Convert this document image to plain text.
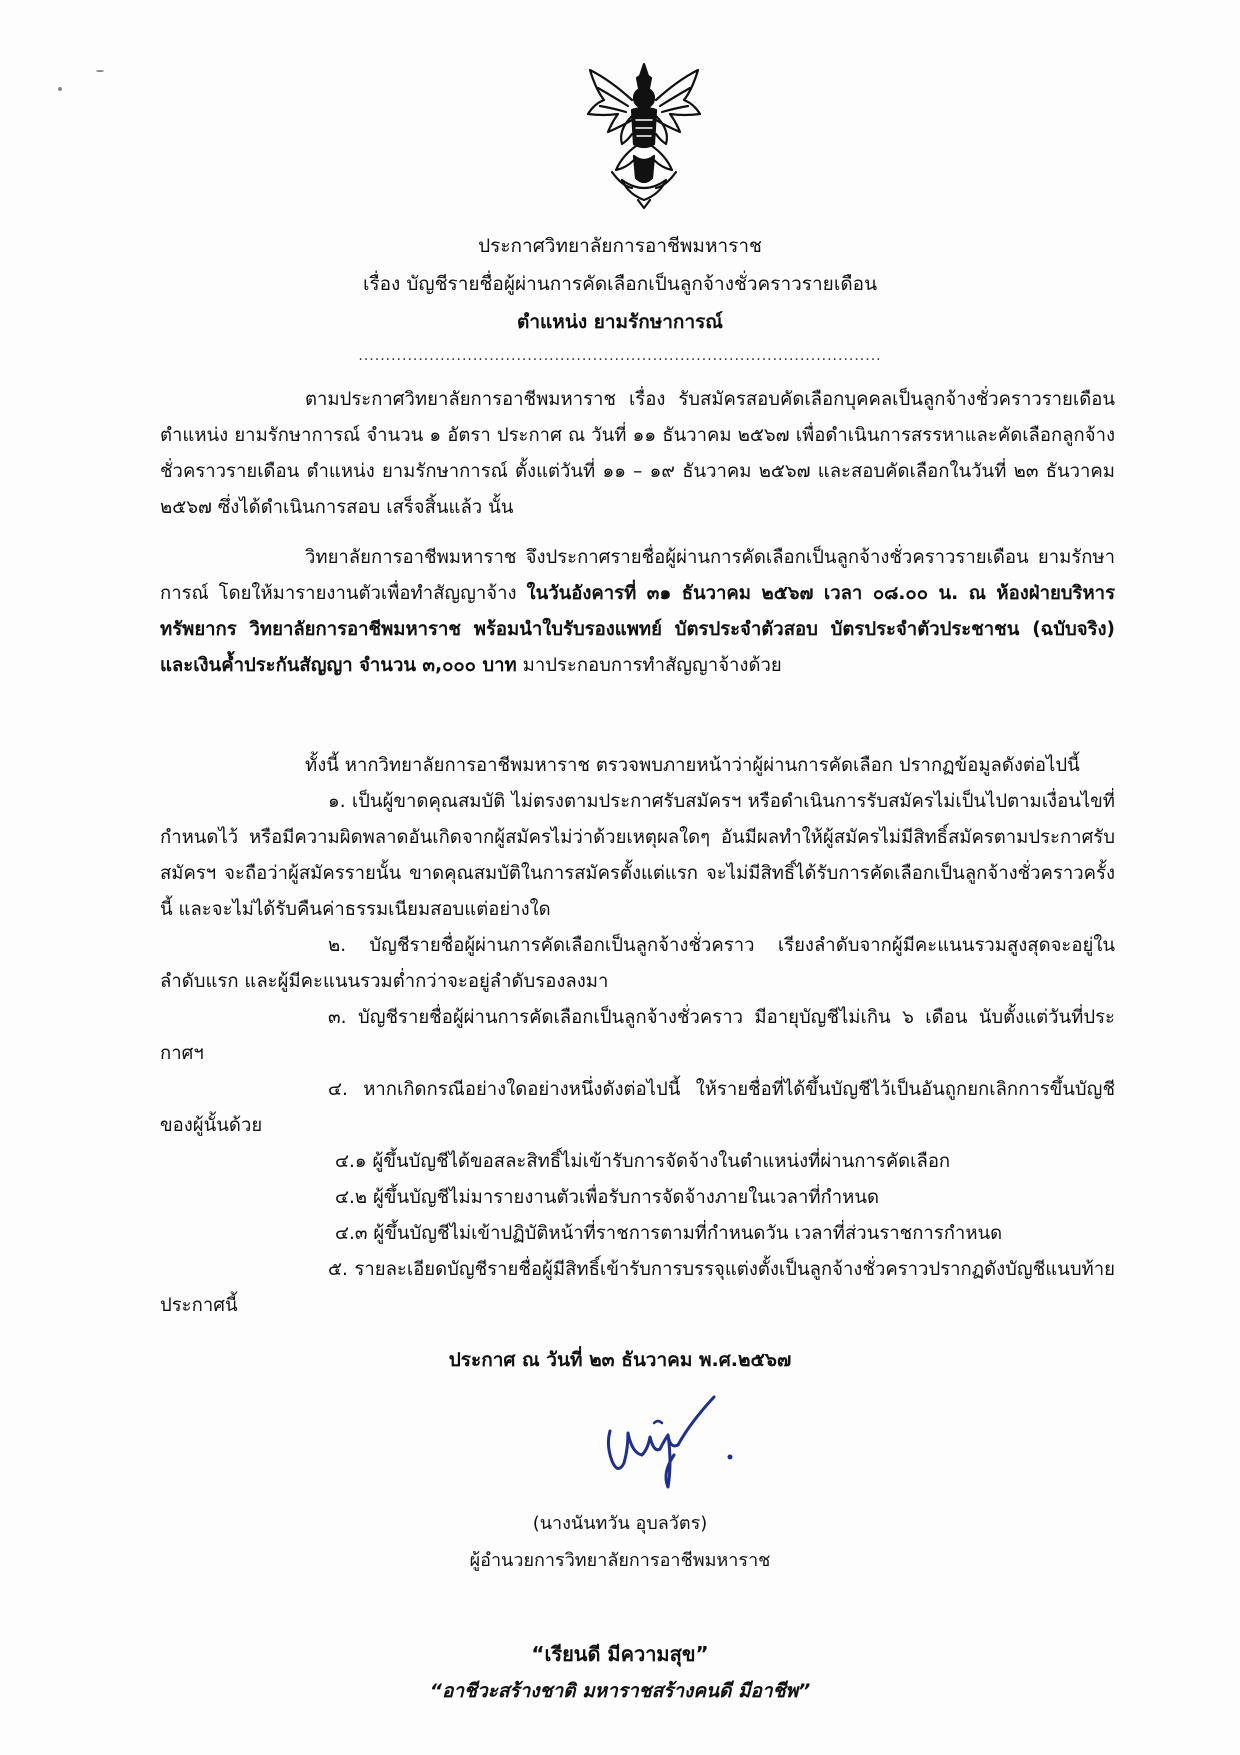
ประกาศวิทยาลัยการอาชีพมหาราช
เรื่อง บัญชีรายชื่อผู้ผ่านการคัดเลือกเป็นลูกจ้างชั่วคราวรายเดือน
ตำแหน่ง ยามรักษาการณ์
................................................................................................

ตามประกาศวิทยาลัยการอาชีพมหาราช เรื่อง รับสมัครสอบคัดเลือกบุคคลเป็นลูกจ้างชั่วคราวรายเดือน ตำแหน่ง ยามรักษาการณ์ จำนวน ๑ อัตรา ประกาศ ณ วันที่ ๑๑ ธันวาคม ๒๕๖๗ เพื่อดำเนินการสรรหาและคัดเลือกลูกจ้างชั่วคราวรายเดือน ตำแหน่ง ยามรักษาการณ์ ตั้งแต่วันที่ ๑๑ – ๑๙ ธันวาคม ๒๕๖๗ และสอบคัดเลือกในวันที่ ๒๓ ธันวาคม ๒๕๖๗ ซึ่งได้ดำเนินการสอบ เสร็จสิ้นแล้ว นั้น

วิทยาลัยการอาชีพมหาราช จึงประกาศรายชื่อผู้ผ่านการคัดเลือกเป็นลูกจ้างชั่วคราวรายเดือน ยามรักษาการณ์ โดยให้มารายงานตัวเพื่อทำสัญญาจ้าง ในวันอังคารที่ ๓๑ ธันวาคม ๒๕๖๗ เวลา ๐๘.๐๐ น. ณ ห้องฝ่ายบริหารทรัพยากร วิทยาลัยการอาชีพมหาราช พร้อมนำใบรับรองแพทย์ บัตรประจำตัวสอบ บัตรประจำตัวประชาชน (ฉบับจริง) และเงินค้ำประกันสัญญา จำนวน ๓,๐๐๐ บาท มาประกอบการทำสัญญาจ้างด้วย

ทั้งนี้ หากวิทยาลัยการอาชีพมหาราช ตรวจพบภายหน้าว่าผู้ผ่านการคัดเลือก ปรากฏข้อมูลดังต่อไปนี้

๑. เป็นผู้ขาดคุณสมบัติ ไม่ตรงตามประกาศรับสมัครฯ หรือดำเนินการรับสมัครไม่เป็นไปตามเงื่อนไขที่กำหนดไว้ หรือมีความผิดพลาดอันเกิดจากผู้สมัครไม่ว่าด้วยเหตุผลใดๆ อันมีผลทำให้ผู้สมัครไม่มีสิทธิ์สมัครตามประกาศรับสมัครฯ จะถือว่าผู้สมัครรายนั้น ขาดคุณสมบัติในการสมัครตั้งแต่แรก จะไม่มีสิทธิ์ได้รับการคัดเลือกเป็นลูกจ้างชั่วคราวครั้งนี้ และจะไม่ได้รับคืนค่าธรรมเนียมสอบแต่อย่างใด

๒. บัญชีรายชื่อผู้ผ่านการคัดเลือกเป็นลูกจ้างชั่วคราว เรียงลำดับจากผู้มีคะแนนรวมสูงสุดจะอยู่ในลำดับแรก และผู้มีคะแนนรวมต่ำกว่าจะอยู่ลำดับรองลงมา

๓. บัญชีรายชื่อผู้ผ่านการคัดเลือกเป็นลูกจ้างชั่วคราว มีอายุบัญชีไม่เกิน ๖ เดือน นับตั้งแต่วันที่ประกาศฯ

๔. หากเกิดกรณีอย่างใดอย่างหนึ่งดังต่อไปนี้ ให้รายชื่อที่ได้ขึ้นบัญชีไว้เป็นอันถูกยกเลิกการขึ้นบัญชีของผู้นั้นด้วย

๔.๑ ผู้ขึ้นบัญชีได้ขอสละสิทธิ์ไม่เข้ารับการจัดจ้างในตำแหน่งที่ผ่านการคัดเลือก

๔.๒ ผู้ขึ้นบัญชีไม่มารายงานตัวเพื่อรับการจัดจ้างภายในเวลาที่กำหนด

๔.๓ ผู้ขึ้นบัญชีไม่เข้าปฏิบัติหน้าที่ราชการตามที่กำหนดวัน เวลาที่ส่วนราชการกำหนด

๕. รายละเอียดบัญชีรายชื่อผู้มีสิทธิ์เข้ารับการบรรจุแต่งตั้งเป็นลูกจ้างชั่วคราวปรากฏดังบัญชีแนบท้ายประกาศนี้

ประกาศ ณ วันที่ ๒๓ ธันวาคม พ.ศ.๒๕๖๗
(นางนันทวัน อุบลวัตร)
ผู้อำนวยการวิทยาลัยการอาชีพมหาราช
“เรียนดี มีความสุข”
“อาชีวะสร้างชาติ มหาราชสร้างคนดี มีอาชีพ”
